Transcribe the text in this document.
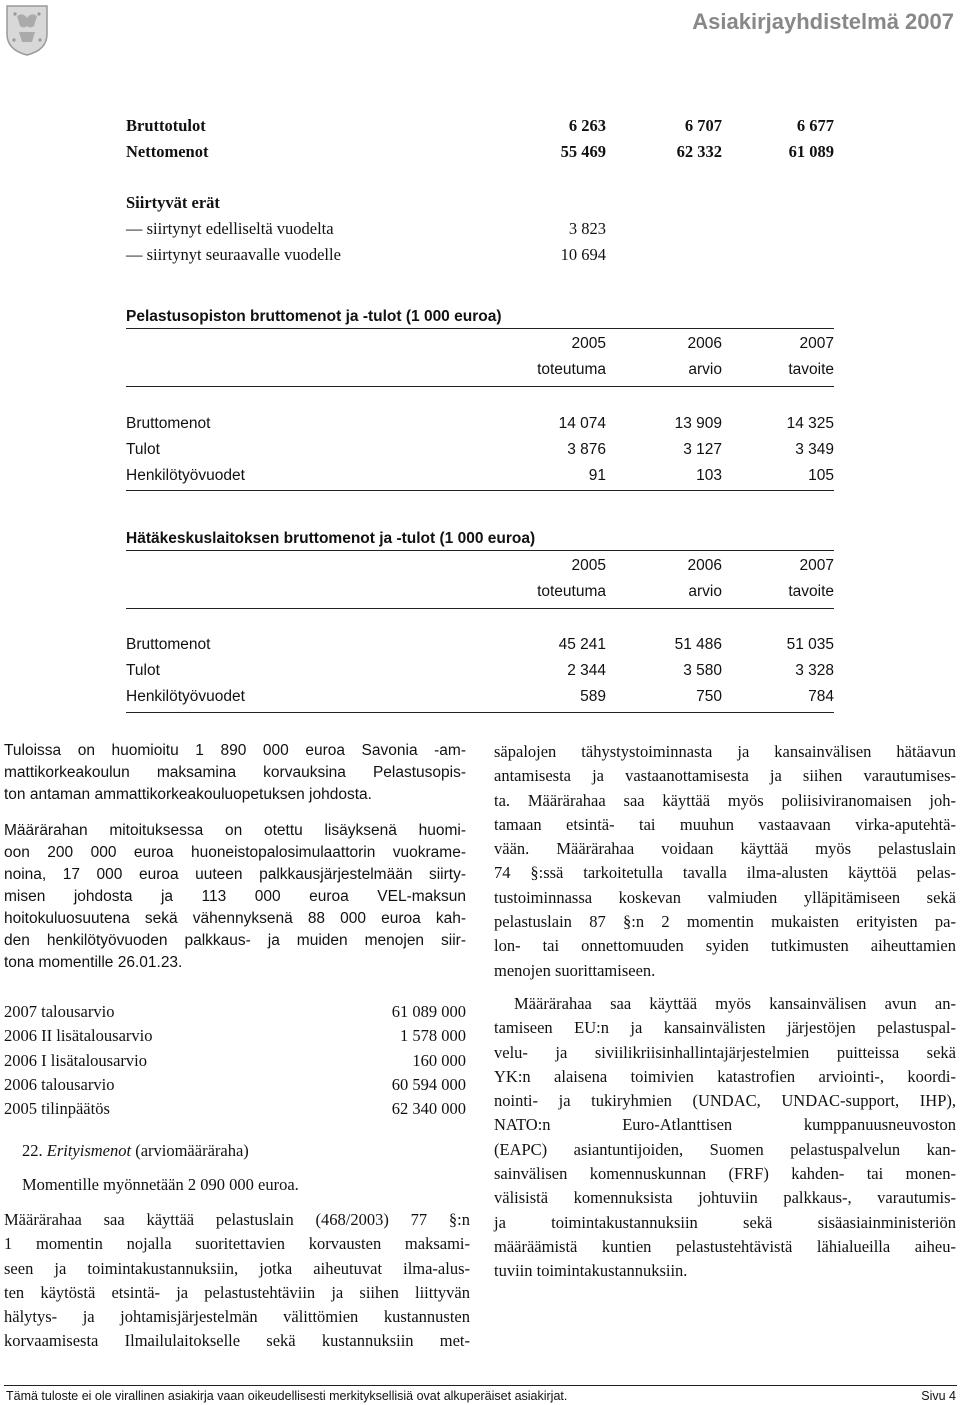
Asiakirjayhdistelmä 2007
Bruttotulot	6 263	6 707	6 677
Nettomenot	55 469	62 332	61 089
Siirtyvät erät
— siirtynyt edelliseltä vuodelta	3 823
— siirtynyt seuraavalle vuodelle	10 694
Pelastusopiston bruttomenot ja -tulot (1 000 euroa)
2005	2006	2007
toteutuma	arvio	tavoite
Bruttomenot	14 074	13 909	14 325
Tulot	3 876	3 127	3 349
Henkilötyövuodet	91	103	105
Hätäkeskuslaitoksen bruttomenot ja -tulot (1 000 euroa)
2005	2006	2007
toteutuma	arvio	tavoite
Bruttomenot	45 241	51 486	51 035
Tulot	2 344	3 580	3 328
Henkilötyövuodet	589	750	784
Tuloissa on huomioitu 1 890 000 euroa Savonia -am-
mattikorkeakoulun maksamina korvauksina Pelastusopis-
ton antaman ammattikorkeakouluopetuksen johdosta.
Määrärahan mitoituksessa on otettu lisäyksenä huomi-
oon 200 000 euroa huoneistopalosimulaattorin vuokrame-
noina, 17 000 euroa uuteen palkkausjärjestelmään siirty-
misen johdosta ja 113 000 euroa VEL-maksun
hoitokuluosuutena sekä vähennyksenä 88 000 euroa kah-
den henkilötyövuoden palkkaus- ja muiden menojen siir-
tona momentille 26.01.23.
2007 talousarvio	61 089 000
2006 II lisätalousarvio	1 578 000
2006 I lisätalousarvio	160 000
2006 talousarvio	60 594 000
2005 tilinpäätös	62 340 000
22. Erityismenot (arviomääräraha)
Momentille myönnetään 2 090 000 euroa.
Määrärahaa saa käyttää pelastuslain (468/2003) 77 §:n
1 momentin nojalla suoritettavien korvausten maksami-
seen ja toimintakustannuksiin, jotka aiheutuvat ilma-alus-
ten käytöstä etsintä- ja pelastustehtäviin ja siihen liittyvän
hälytys- ja johtamisjärjestelmän välittömien kustannusten
korvaamisesta Ilmailulaitokselle sekä kustannuksiin met-
säpalojen tähystystoiminnasta ja kansainvälisen hätäavun
antamisesta ja vastaanottamisesta ja siihen varautumises-
ta. Määrärahaa saa käyttää myös poliisiviranomaisen joh-
tamaan etsintä- tai muuhun vastaavaan virka-aputehtä-
vään. Määrärahaa voidaan käyttää myös pelastuslain
74 §:ssä tarkoitetulla tavalla ilma-alusten käyttöä pelas-
tustoiminnassa koskevan valmiuden ylläpitämiseen sekä
pelastuslain 87 §:n 2 momentin mukaisten erityisten pa-
lon- tai onnettomuuden syiden tutkimusten aiheuttamien
menojen suorittamiseen.
Määrärahaa saa käyttää myös kansainvälisen avun an-
tamiseen EU:n ja kansainvälisten järjestöjen pelastuspal-
velu- ja siviilikriisinhallintajärjestelmien puitteissa sekä
YK:n alaisena toimivien katastrofien arviointi-, koordi-
nointi- ja tukiryhmien (UNDAC, UNDAC-support, IHP),
NATO:n Euro-Atlanttisen kumppanuusneuvoston
(EAPC) asiantuntijoiden, Suomen pelastuspalvelun kan-
sainvälisen komennuskunnan (FRF) kahden- tai monen-
välisistä komennuksista johtuviin palkkaus-, varautumis-
ja toimintakustannuksiin sekä sisäasiainministeriön
määräämistä kuntien pelastustehtävistä lähialueilla aiheu-
tuviin toimintakustannuksiin.
Tämä tuloste ei ole virallinen asiakirja vaan oikeudellisesti merkityksellisiä ovat alkuperäiset asiakirjat.	Sivu 4
